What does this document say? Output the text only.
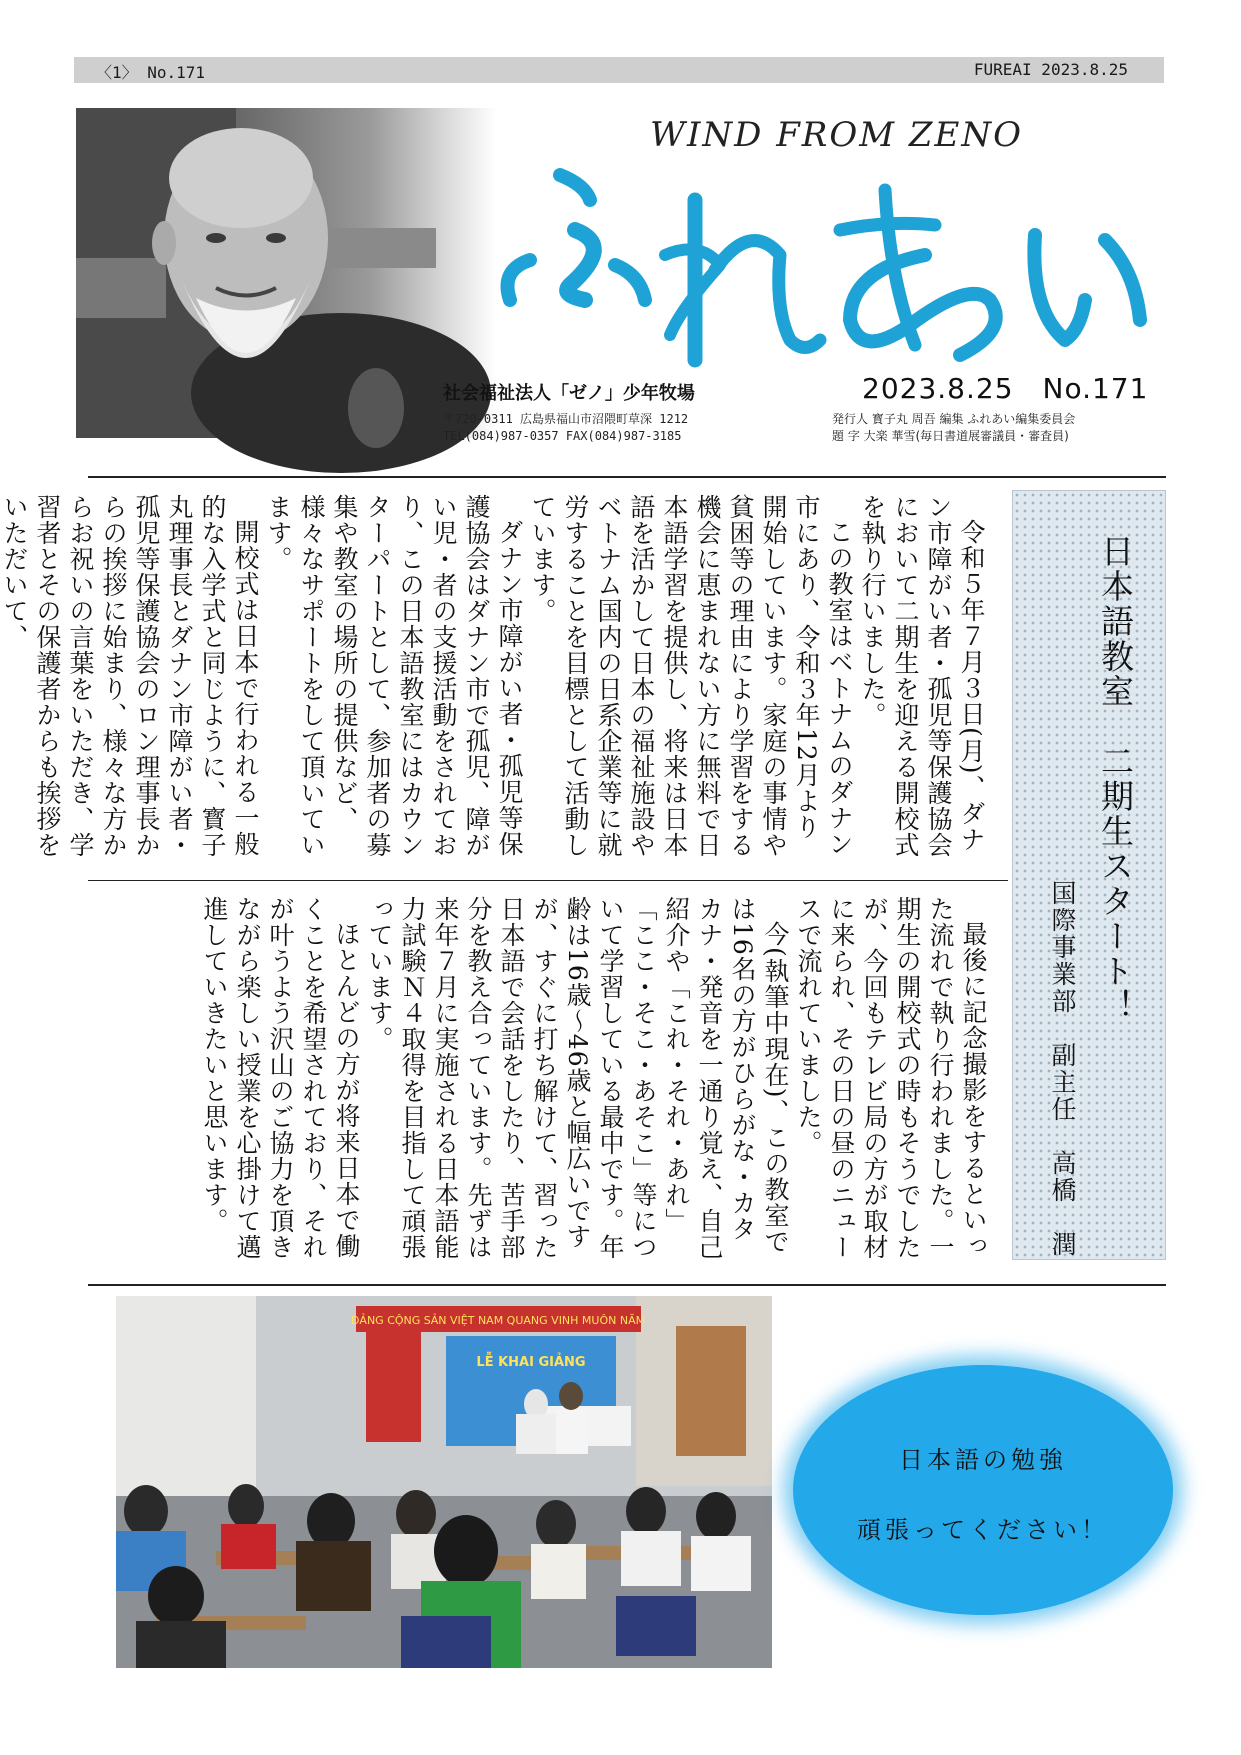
〈1〉 No.171	FUREAI 2023.8.25
WIND FROM ZENO
社会福祉法人「ゼノ」少年牧場	2023.8.25　No.171
〒720-0311 広島県福山市沼隈町草深 1212
TEL(084)987-0357 FAX(084)987-3185
発行人 寳子丸 周吾 編集 ふれあい編集委員会
題 字 大楽 華雪(毎日書道展審議員・審査員)
日本語教室　二期生スタート！
国際事業部　副主任　高橋　潤

令和５年７月３日(月)、ダナン市障がい者・孤児等保護協会において二期生を迎える開校式を執り行いました。

この教室はベトナムのダナン市にあり、令和３年12月より開始しています。家庭の事情や貧困等の理由により学習をする機会に恵まれない方に無料で日本語学習を提供し、将来は日本語を活かして日本の福祉施設やベトナム国内の日系企業等に就労することを目標として活動しています。

ダナン市障がい者・孤児等保護協会はダナン市で孤児、障がい児・者の支援活動をされており、この日本語教室にはカウンターパートとして、参加者の募集や教室の場所の提供など、様々なサポートをして頂いています。

開校式は日本で行われる一般的な入学式と同じように、寳子丸理事長とダナン市障がい者・孤児等保護協会のロン理事長からの挨拶に始まり、様々な方からお祝いの言葉をいただき、学習者とその保護者からも挨拶をいただいて、

最後に記念撮影をするといった流れで執り行われました。一期生の開校式の時もそうでしたが、今回もテレビ局の方が取材に来られ、その日の昼のニュースで流れていました。

今(執筆中現在)、この教室では16名の方がひらがな・カタカナ・発音を一通り覚え、自己紹介や「これ・それ・あれ」「ここ・そこ・あそこ」等について学習している最中です。年齢は16歳～46歳と幅広いですが、すぐに打ち解けて、習った日本語で会話をしたり、苦手部分を教え合っています。先ずは来年７月に実施される日本語能力試験Ｎ４取得を目指して頑張っています。

ほとんどの方が将来日本で働くことを希望されており、それが叶うよう沢山のご協力を頂きながら楽しい授業を心掛けて邁進していきたいと思います。

ĐẢNG CỘNG SẢN VIỆT NAM QUANG VINH MUÔN NĂM
LỄ KHAI GIẢNG
日本語の勉強
頑張ってください！
